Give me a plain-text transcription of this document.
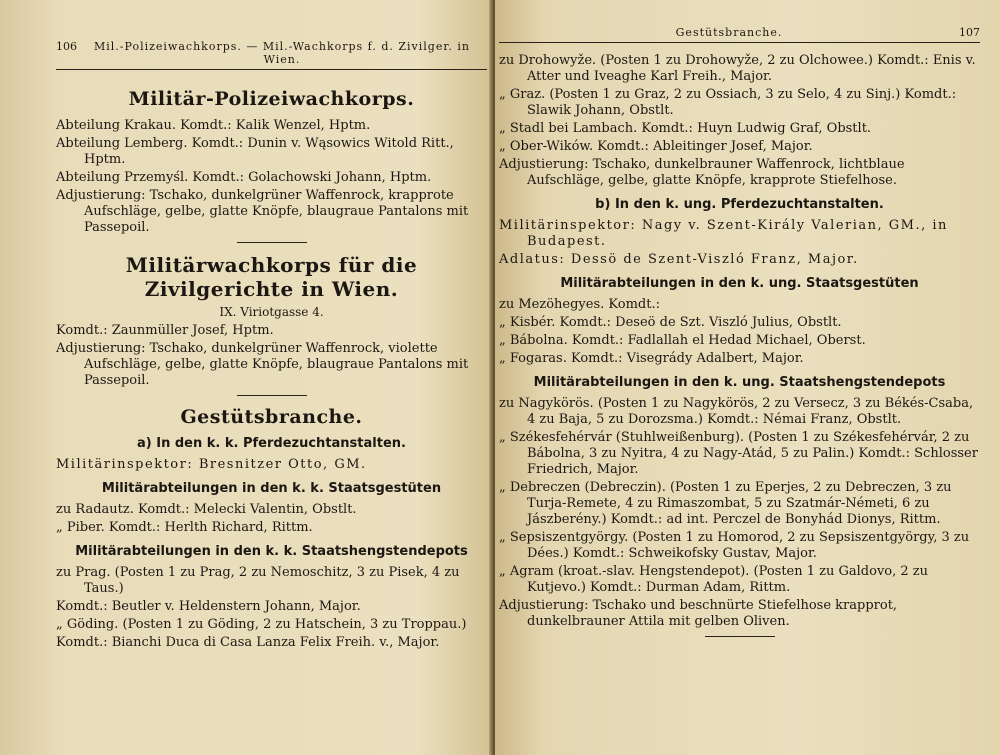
106	Mil.-Polizeiwachkorps. — Mil.-Wachkorps f. d. Zivilger. in Wien.
Militär-Polizeiwachkorps.
Abteilung Krakau. Komdt.: Kalik Wenzel, Hptm.
Abteilung Lemberg. Komdt.: Dunin v. Wąsowics Witold Ritt., Hptm.
Abteilung Przemyśl. Komdt.: Golachowski Johann, Hptm.
Adjustierung: Tschako, dunkelgrüner Waffenrock, krapprote Aufschläge, gelbe, glatte Knöpfe, blaugraue Pantalons mit Passepoil.
Militärwachkorps für die Zivilgerichte in Wien.
IX. Viriotgasse 4.
Komdt.: Zaunmüller Josef, Hptm.
Adjustierung: Tschako, dunkelgrüner Waffenrock, violette Aufschläge, gelbe, glatte Knöpfe, blaugraue Pantalons mit Passepoil.
Gestütsbranche.
a) In den k. k. Pferdezuchtanstalten.
Militärinspektor: Bresnitzer Otto, GM.
Militärabteilungen in den k. k. Staatsgestüten
zu Radautz. Komdt.: Melecki Valentin, Obstlt.
„ Piber. Komdt.: Herlth Richard, Rittm.
Militärabteilungen in den k. k. Staatshengstendepots
zu Prag. (Posten 1 zu Prag, 2 zu Nemoschitz, 3 zu Pisek, 4 zu Taus.)
Komdt.: Beutler v. Heldenstern Johann, Major.
„ Göding. (Posten 1 zu Göding, 2 zu Hatschein, 3 zu Troppau.)
Komdt.: Bianchi Duca di Casa Lanza Felix Freih. v., Major.
Gestütsbranche.	107
zu Drohowyže. (Posten 1 zu Drohowyže, 2 zu Olchowee.) Komdt.: Enis v. Atter und Iveaghe Karl Freih., Major.
„ Graz. (Posten 1 zu Graz, 2 zu Ossiach, 3 zu Selo, 4 zu Sinj.) Komdt.: Slawik Johann, Obstlt.
„ Stadl bei Lambach. Komdt.: Huyn Ludwig Graf, Obstlt.
„ Ober-Wików. Komdt.: Ableitinger Josef, Major.
Adjustierung: Tschako, dunkelbrauner Waffenrock, lichtblaue Aufschläge, gelbe, glatte Knöpfe, krapprote Stiefelhose.
b) In den k. ung. Pferdezuchtanstalten.
Militärinspektor: Nagy v. Szent-Király Valerian, GM., in Budapest.
Adlatus: Dessö de Szent-Viszló Franz, Major.
Militärabteilungen in den k. ung. Staatsgestüten
zu Mezöhegyes. Komdt.:
„ Kisbér. Komdt.: Deseö de Szt. Viszló Julius, Obstlt.
„ Bábolna. Komdt.: Fadlallah el Hedad Michael, Oberst.
„ Fogaras. Komdt.: Visegrády Adalbert, Major.
Militärabteilungen in den k. ung. Staatshengstendepots
zu Nagykörös. (Posten 1 zu Nagykörös, 2 zu Versecz, 3 zu Békés-Csaba, 4 zu Baja, 5 zu Dorozsma.) Komdt.: Némai Franz, Obstlt.
„ Székesfehérvár (Stuhlweißenburg). (Posten 1 zu Székesfehérvár, 2 zu Bábolna, 3 zu Nyitra, 4 zu Nagy-Atád, 5 zu Palin.) Komdt.: Schlosser Friedrich, Major.
„ Debreczen (Debreczin). (Posten 1 zu Eperjes, 2 zu Debreczen, 3 zu Turja-Remete, 4 zu Rimaszombat, 5 zu Szatmár-Németi, 6 zu Jászberény.) Komdt.: ad int. Perczel de Bonyhád Dionys, Rittm.
„ Sepsiszentgyörgy. (Posten 1 zu Homorod, 2 zu Sepsiszentgyörgy, 3 zu Dées.) Komdt.: Schweikofsky Gustav, Major.
„ Agram (kroat.-slav. Hengstendepot). (Posten 1 zu Galdovo, 2 zu Kutjevo.) Komdt.: Durman Adam, Rittm.
Adjustierung: Tschako und beschnürte Stiefelhose krapprot, dunkelbrauner Attila mit gelben Oliven.
